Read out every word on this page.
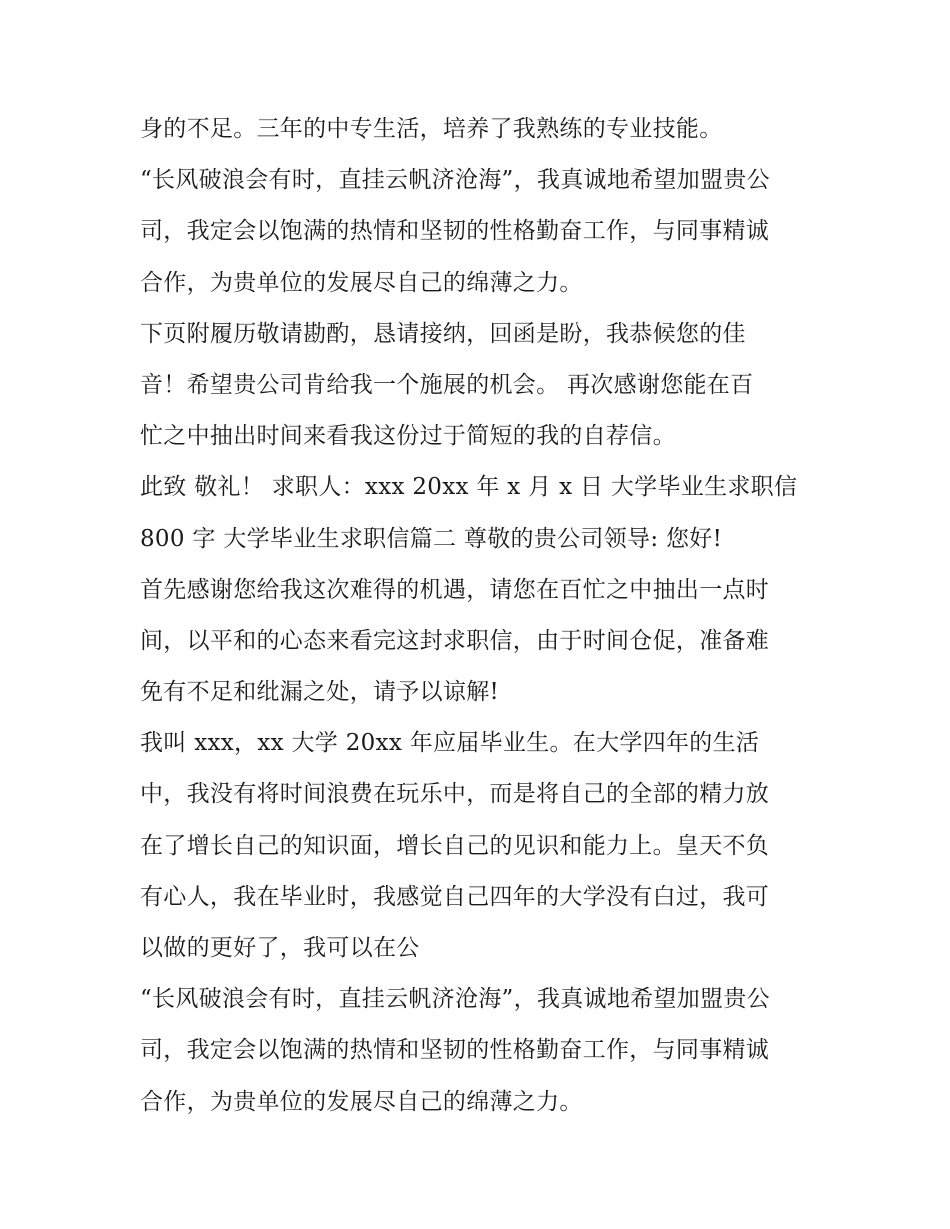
身的不足。三年的中专生活，培养了我熟练的专业技能。
“长风破浪会有时，直挂云帆济沧海”，我真诚地希望加盟贵公
司，我定会以饱满的热情和坚韧的性格勤奋工作，与同事精诚
合作，为贵单位的发展尽自己的绵薄之力。
下页附履历敬请勘酌，恳请接纳，回函是盼，我恭候您的佳
音！希望贵公司肯给我一个施展的机会。 再次感谢您能在百
忙之中抽出时间来看我这份过于简短的我的自荐信。
此致 敬礼！ 求职人：xxx 20xx 年 x 月 x 日 大学毕业生求职信
800 字 大学毕业生求职信篇二 尊敬的贵公司领导: 您好!
首先感谢您给我这次难得的机遇，请您在百忙之中抽出一点时
间，以平和的心态来看完这封求职信，由于时间仓促，准备难
免有不足和纰漏之处，请予以谅解!
我叫 xxx，xx 大学 20xx 年应届毕业生。在大学四年的生活
中，我没有将时间浪费在玩乐中，而是将自己的全部的精力放
在了增长自己的知识面，增长自己的见识和能力上。皇天不负
有心人，我在毕业时，我感觉自己四年的大学没有白过，我可
以做的更好了，我可以在公
“长风破浪会有时，直挂云帆济沧海”，我真诚地希望加盟贵公
司，我定会以饱满的热情和坚韧的性格勤奋工作，与同事精诚
合作，为贵单位的发展尽自己的绵薄之力。
